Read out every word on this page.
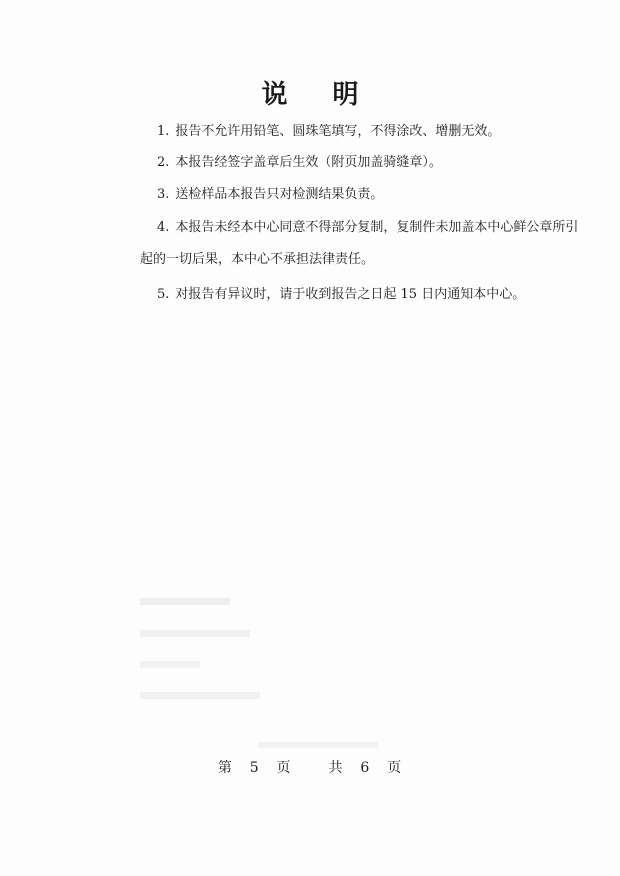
说 明
1. 报告不允许用铅笔、圆珠笔填写，不得涂改、增删无效。
2. 本报告经签字盖章后生效（附页加盖骑缝章）。
3. 送检样品本报告只对检测结果负责。
4. 本报告未经本中心同意不得部分复制，复制件未加盖本中心鲜公章所引
起的一切后果，本中心不承担法律责任。
5. 对报告有异议时，请于收到报告之日起 15 日内通知本中心。
第 5 页	共 6 页
